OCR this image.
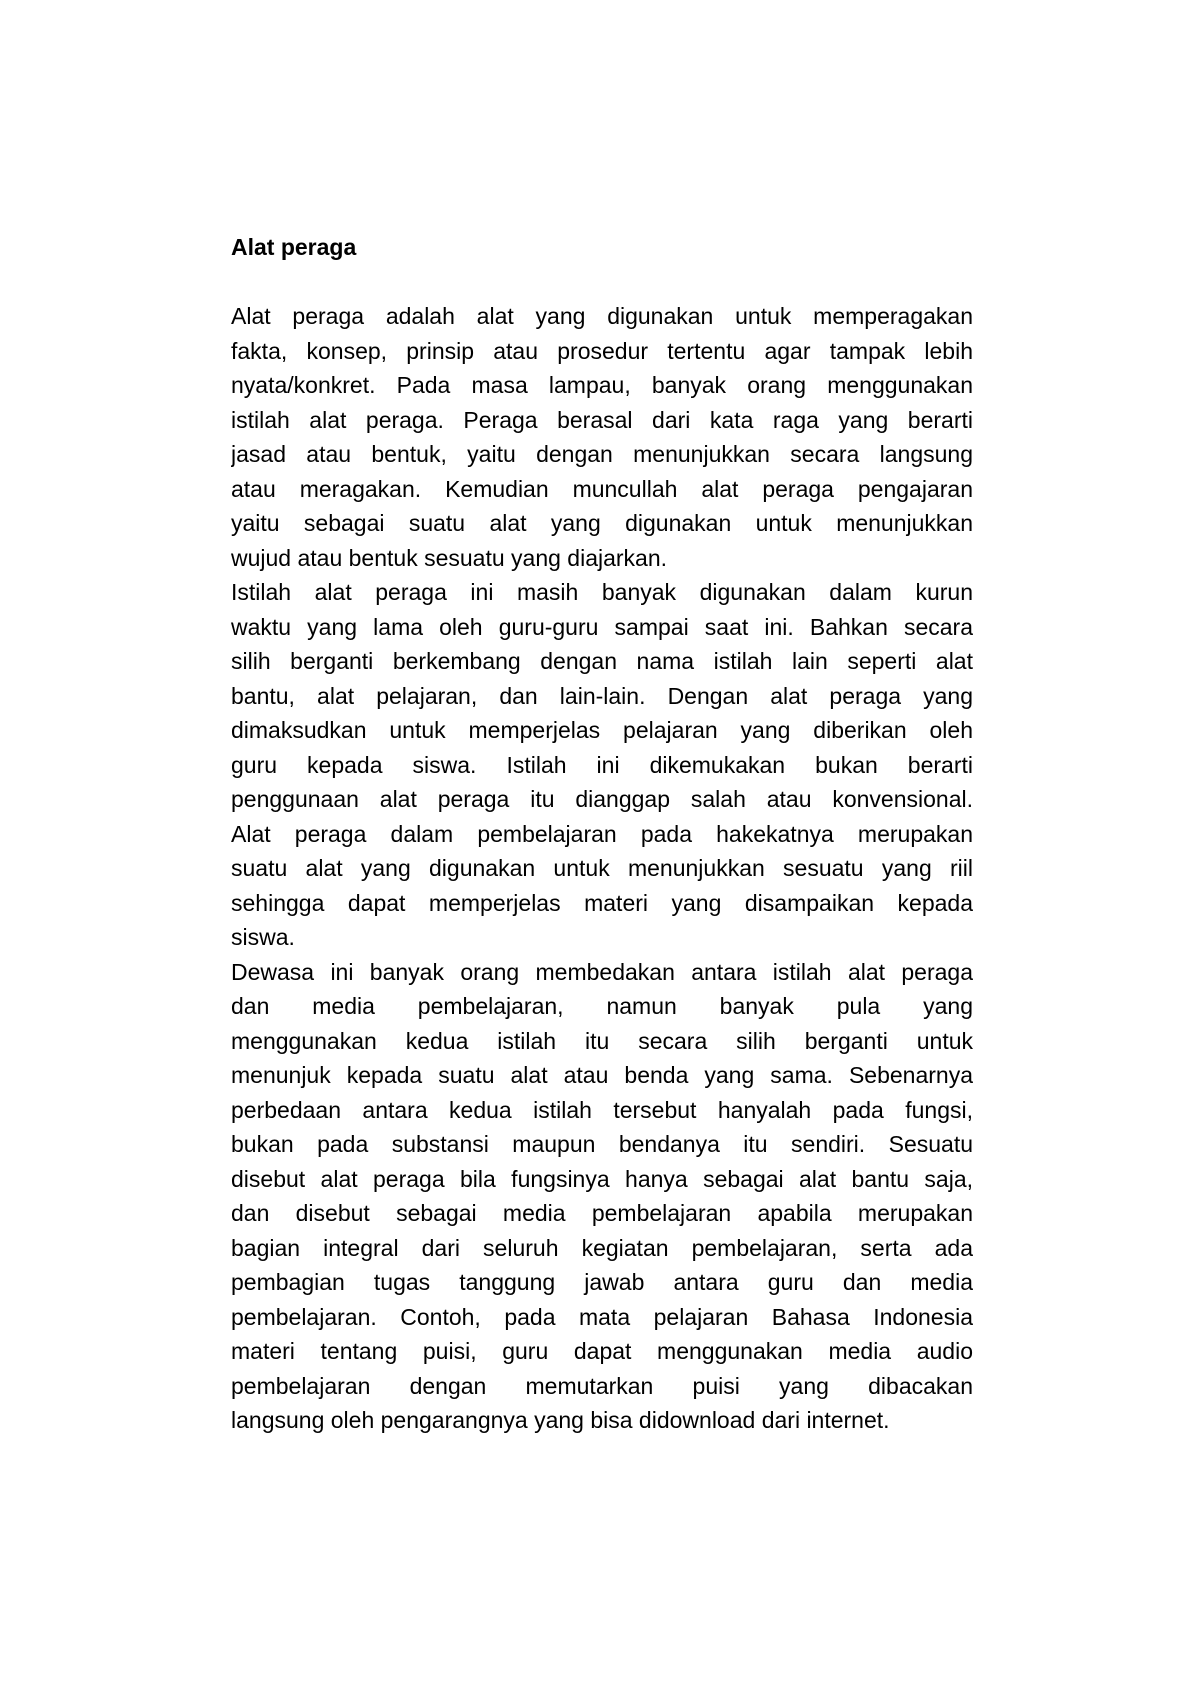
Alat peraga
Alat peraga adalah alat yang digunakan untuk memperagakan
fakta, konsep, prinsip atau prosedur tertentu agar tampak lebih
nyata/konkret. Pada masa lampau, banyak orang menggunakan
istilah alat peraga. Peraga berasal dari kata raga yang berarti
jasad atau bentuk, yaitu dengan menunjukkan secara langsung
atau meragakan. Kemudian muncullah alat peraga pengajaran
yaitu sebagai suatu alat yang digunakan untuk menunjukkan
wujud atau bentuk sesuatu yang diajarkan.
Istilah alat peraga ini masih banyak digunakan dalam kurun
waktu yang lama oleh guru-guru sampai saat ini. Bahkan secara
silih berganti berkembang dengan nama istilah lain seperti alat
bantu, alat pelajaran, dan lain-lain. Dengan alat peraga yang
dimaksudkan untuk memperjelas pelajaran yang diberikan oleh
guru kepada siswa. Istilah ini dikemukakan bukan berarti
penggunaan alat peraga itu dianggap salah atau konvensional.
Alat peraga dalam pembelajaran pada hakekatnya merupakan
suatu alat yang digunakan untuk menunjukkan sesuatu yang riil
sehingga dapat memperjelas materi yang disampaikan kepada
siswa.
Dewasa ini banyak orang membedakan antara istilah alat peraga
dan media pembelajaran, namun banyak pula yang
menggunakan kedua istilah itu secara silih berganti untuk
menunjuk kepada suatu alat atau benda yang sama. Sebenarnya
perbedaan antara kedua istilah tersebut hanyalah pada fungsi,
bukan pada substansi maupun bendanya itu sendiri. Sesuatu
disebut alat peraga bila fungsinya hanya sebagai alat bantu saja,
dan disebut sebagai media pembelajaran apabila merupakan
bagian integral dari seluruh kegiatan pembelajaran, serta ada
pembagian tugas tanggung jawab antara guru dan media
pembelajaran. Contoh, pada mata pelajaran Bahasa Indonesia
materi tentang puisi, guru dapat menggunakan media audio
pembelajaran dengan memutarkan puisi yang dibacakan
langsung oleh pengarangnya yang bisa didownload dari internet.
